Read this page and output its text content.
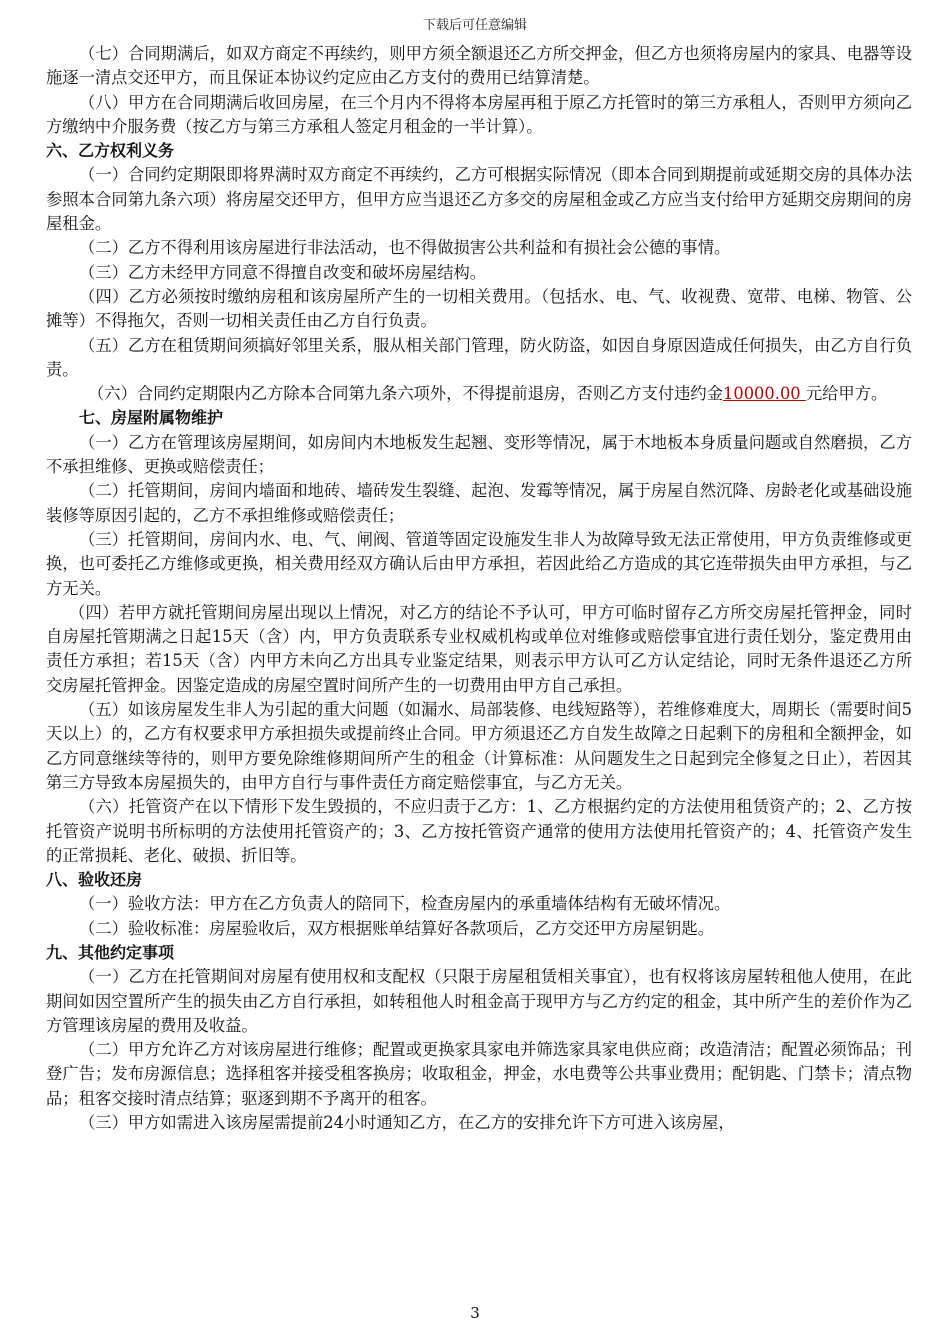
下载后可任意编辑

（七）合同期满后，如双方商定不再续约，则甲方须全额退还乙方所交押金，但乙方也须将房屋内的家具、电器等设施逐一清点交还甲方，而且保证本协议约定应由乙方支付的费用已结算清楚。

（八）甲方在合同期满后收回房屋，在三个月内不得将本房屋再租于原乙方托管时的第三方承租人，否则甲方须向乙方缴纳中介服务费（按乙方与第三方承租人签定月租金的一半计算）。

六、乙方权利义务

（一）合同约定期限即将界满时双方商定不再续约，乙方可根据实际情况（即本合同到期提前或延期交房的具体办法参照本合同第九条六项）将房屋交还甲方，但甲方应当退还乙方多交的房屋租金或乙方应当支付给甲方延期交房期间的房屋租金。

（二）乙方不得利用该房屋进行非法活动，也不得做损害公共利益和有损社会公德的事情。

（三）乙方未经甲方同意不得擅自改变和破坏房屋结构。

（四）乙方必须按时缴纳房租和该房屋所产生的一切相关费用。（包括水、电、气、收视费、宽带、电梯、物管、公摊等）不得拖欠，否则一切相关责任由乙方自行负责。

（五）乙方在租赁期间须搞好邻里关系，服从相关部门管理，防火防盗，如因自身原因造成任何损失，由乙方自行负责。

（六）合同约定期限内乙方除本合同第九条六项外，不得提前退房，否则乙方支付违约金10000.00 元给甲方。

七、房屋附属物维护

（一）乙方在管理该房屋期间，如房间内木地板发生起翘、变形等情况，属于木地板本身质量问题或自然磨损，乙方不承担维修、更换或赔偿责任；

（二）托管期间，房间内墙面和地砖、墙砖发生裂缝、起泡、发霉等情况，属于房屋自然沉降、房龄老化或基础设施装修等原因引起的，乙方不承担维修或赔偿责任；

（三）托管期间，房间内水、电、气、闸阀、管道等固定设施发生非人为故障导致无法正常使用，甲方负责维修或更换，也可委托乙方维修或更换，相关费用经双方确认后由甲方承担，若因此给乙方造成的其它连带损失由甲方承担，与乙方无关。

（四）若甲方就托管期间房屋出现以上情况，对乙方的结论不予认可，甲方可临时留存乙方所交房屋托管押金，同时自房屋托管期满之日起15天（含）内，甲方负责联系专业权威机构或单位对维修或赔偿事宜进行责任划分，鉴定费用由责任方承担；若15天（含）内甲方未向乙方出具专业鉴定结果，则表示甲方认可乙方认定结论，同时无条件退还乙方所交房屋托管押金。因鉴定造成的房屋空置时间所产生的一切费用由甲方自己承担。

（五）如该房屋发生非人为引起的重大问题（如漏水、局部装修、电线短路等），若维修难度大，周期长（需要时间5天以上）的，乙方有权要求甲方承担损失或提前终止合同。甲方须退还乙方自发生故障之日起剩下的房租和全额押金，如乙方同意继续等待的，则甲方要免除维修期间所产生的租金（计算标准：从问题发生之日起到完全修复之日止），若因其第三方导致本房屋损失的，由甲方自行与事件责任方商定赔偿事宜，与乙方无关。

（六）托管资产在以下情形下发生毁损的，不应归责于乙方：1、乙方根据约定的方法使用租赁资产的；2、乙方按托管资产说明书所标明的方法使用托管资产的；3、乙方按托管资产通常的使用方法使用托管资产的；4、托管资产发生的正常损耗、老化、破损、折旧等。

八、验收还房

（一）验收方法：甲方在乙方负责人的陪同下，检查房屋内的承重墙体结构有无破坏情况。

（二）验收标准：房屋验收后，双方根据账单结算好各款项后，乙方交还甲方房屋钥匙。

九、其他约定事项

（一）乙方在托管期间对房屋有使用权和支配权（只限于房屋租赁相关事宜），也有权将该房屋转租他人使用，在此期间如因空置所产生的损失由乙方自行承担，如转租他人时租金高于现甲方与乙方约定的租金，其中所产生的差价作为乙方管理该房屋的费用及收益。

（二）甲方允许乙方对该房屋进行维修；配置或更换家具家电并筛选家具家电供应商；改造清洁；配置必须饰品；刊登广告；发布房源信息；选择租客并接受租客换房；收取租金，押金，水电费等公共事业费用；配钥匙、门禁卡；清点物品；租客交接时清点结算；驱逐到期不予离开的租客。

（三）甲方如需进入该房屋需提前24小时通知乙方，在乙方的安排允许下方可进入该房屋，

3
